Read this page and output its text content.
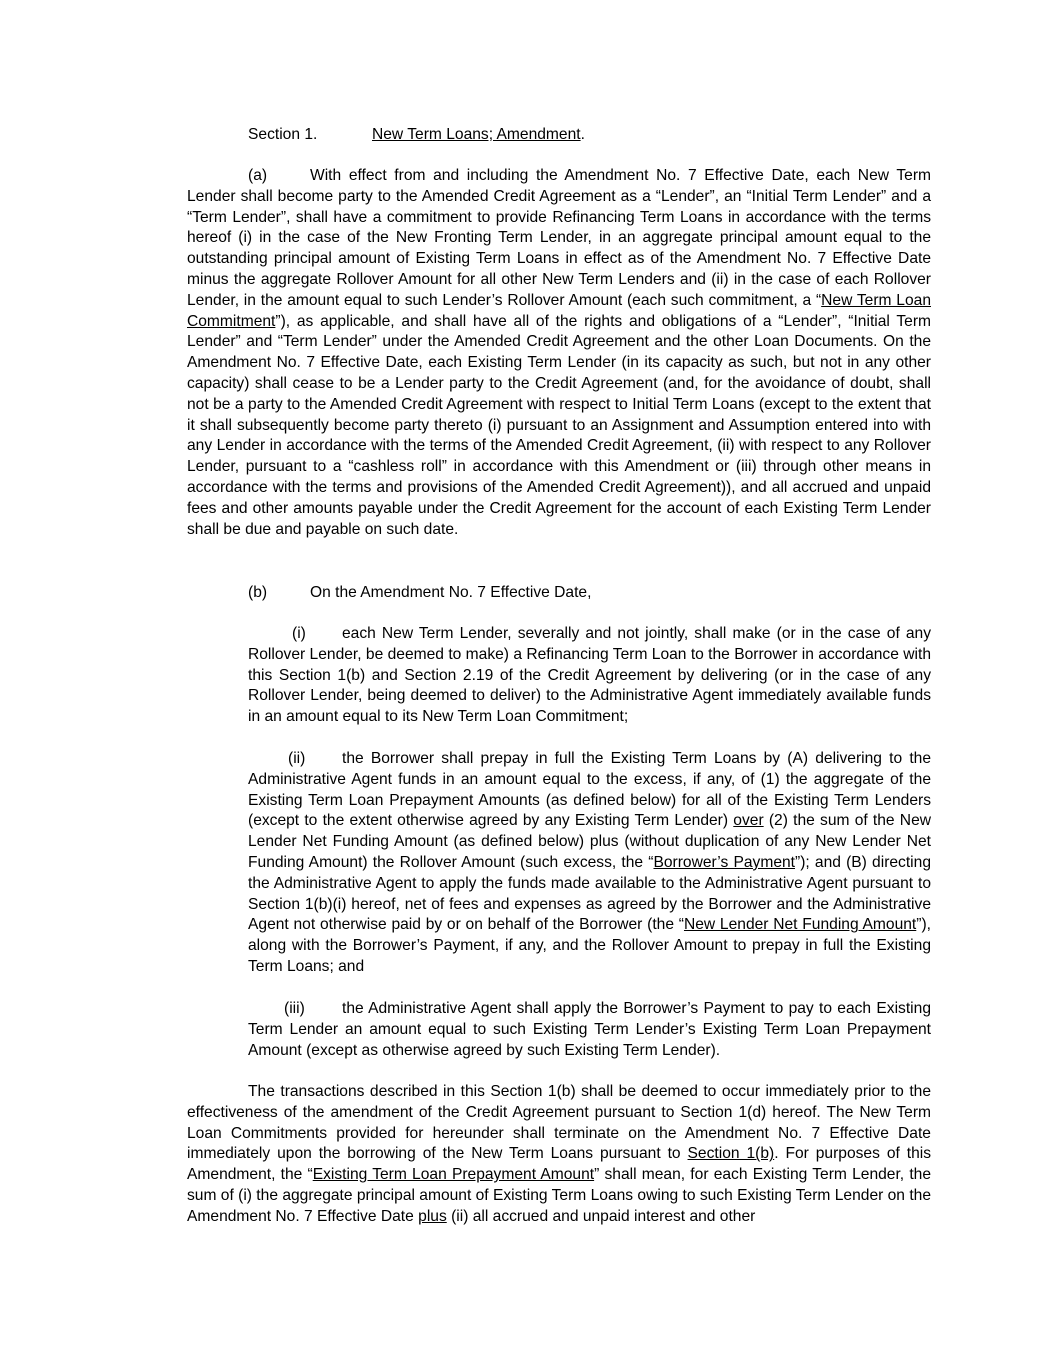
Section 1.	New Term Loans; Amendment.

(a)	With effect from and including the Amendment No. 7 Effective Date, each New Term Lender shall become party to the Amended Credit Agreement as a “Lender”, an “Initial Term Lender” and a “Term Lender”, shall have a commitment to provide Refinancing Term Loans in accordance with the terms hereof (i) in the case of the New Fronting Term Lender, in an aggregate principal amount equal to the outstanding principal amount of Existing Term Loans in effect as of the Amendment No. 7 Effective Date minus the aggregate Rollover Amount for all other New Term Lenders and (ii) in the case of each Rollover Lender, in the amount equal to such Lender’s Rollover Amount (each such commitment, a “New Term Loan Commitment”), as applicable, and shall have all of the rights and obligations of a “Lender”, “Initial Term Lender” and “Term Lender” under the Amended Credit Agreement and the other Loan Documents. On the Amendment No. 7 Effective Date, each Existing Term Lender (in its capacity as such, but not in any other capacity) shall cease to be a Lender party to the Credit Agreement (and, for the avoidance of doubt, shall not be a party to the Amended Credit Agreement with respect to Initial Term Loans (except to the extent that it shall subsequently become party thereto (i) pursuant to an Assignment and Assumption entered into with any Lender in accordance with the terms of the Amended Credit Agreement, (ii) with respect to any Rollover Lender, pursuant to a “cashless roll” in accordance with this Amendment or (iii) through other means in accordance with the terms and provisions of the Amended Credit Agreement)), and all accrued and unpaid fees and other amounts payable under the Credit Agreement for the account of each Existing Term Lender shall be due and payable on such date.

(b)	On the Amendment No. 7 Effective Date,

(i) each New Term Lender, severally and not jointly, shall make (or in the case of any Rollover Lender, be deemed to make) a Refinancing Term Loan to the Borrower in accordance with this Section 1(b) and Section 2.19 of the Credit Agreement by delivering (or in the case of any Rollover Lender, being deemed to deliver) to the Administrative Agent immediately available funds in an amount equal to its New Term Loan Commitment;

(ii) the Borrower shall prepay in full the Existing Term Loans by (A) delivering to the Administrative Agent funds in an amount equal to the excess, if any, of (1) the aggregate of the Existing Term Loan Prepayment Amounts (as defined below) for all of the Existing Term Lenders (except to the extent otherwise agreed by any Existing Term Lender) over (2) the sum of the New Lender Net Funding Amount (as defined below) plus (without duplication of any New Lender Net Funding Amount) the Rollover Amount (such excess, the “Borrower’s Payment”); and (B) directing the Administrative Agent to apply the funds made available to the Administrative Agent pursuant to Section 1(b)(i) hereof, net of fees and expenses as agreed by the Borrower and the Administrative Agent not otherwise paid by or on behalf of the Borrower (the “New Lender Net Funding Amount”), along with the Borrower’s Payment, if any, and the Rollover Amount to prepay in full the Existing Term Loans; and

(iii) the Administrative Agent shall apply the Borrower’s Payment to pay to each Existing Term Lender an amount equal to such Existing Term Lender’s Existing Term Loan Prepayment Amount (except as otherwise agreed by such Existing Term Lender).

The transactions described in this Section 1(b) shall be deemed to occur immediately prior to the effectiveness of the amendment of the Credit Agreement pursuant to Section 1(d) hereof. The New Term Loan Commitments provided for hereunder shall terminate on the Amendment No. 7 Effective Date immediately upon the borrowing of the New Term Loans pursuant to Section 1(b). For purposes of this Amendment, the “Existing Term Loan Prepayment Amount” shall mean, for each Existing Term Lender, the sum of (i) the aggregate principal amount of Existing Term Loans owing to such Existing Term Lender on the Amendment No. 7 Effective Date plus (ii) all accrued and unpaid interest and other
